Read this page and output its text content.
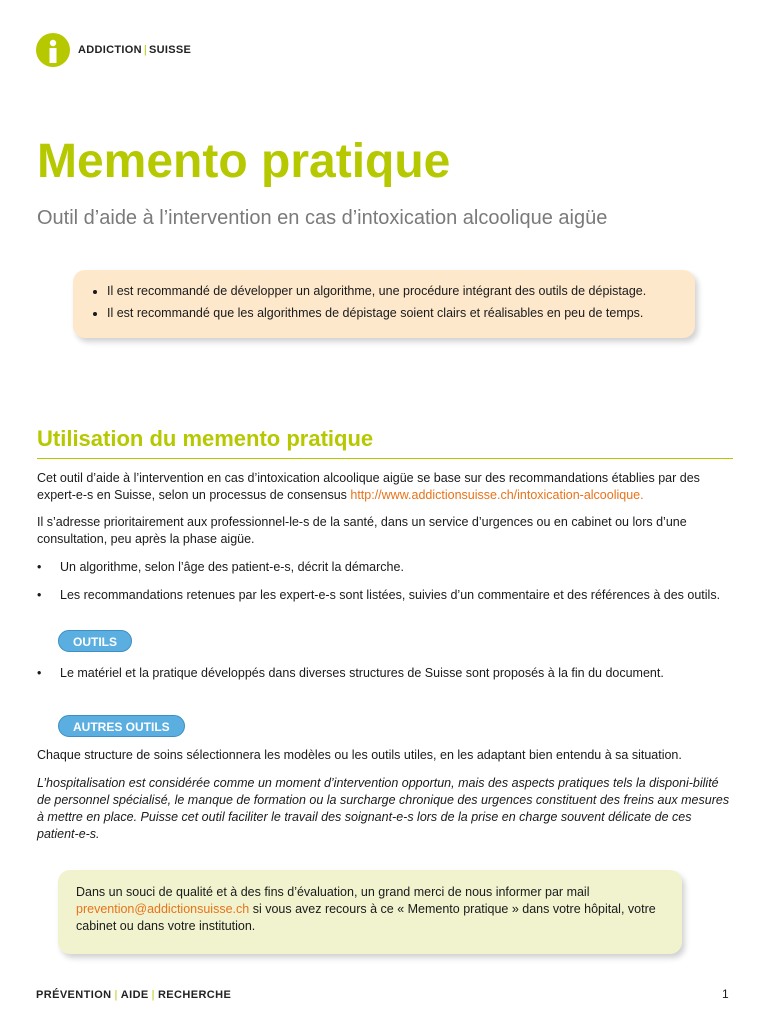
ADDICTION | SUISSE
Memento pratique

Outil d’aide à l’intervention en cas d’intoxication alcoolique aigüe

• Il est recommandé de développer un algorithme, une procédure intégrant des outils de dépistage.
• Il est recommandé que les algorithmes de dépistage soient clairs et réalisables en peu de temps.
Utilisation du memento pratique

Cet outil d’aide à l’intervention en cas d’intoxication alcoolique aigüe se base sur des recommandations établies par des expert-e-s en Suisse, selon un processus de consensus http://www.addictionsuisse.ch/intoxication-alcoolique.

Il s’adresse prioritairement aux professionnel-le-s de la santé, dans un service d’urgences ou en cabinet ou lors d’une consultation, peu après la phase aigüe.

•	Un algorithme, selon l’âge des patient-e-s, décrit la démarche.
•	Les recommandations retenues par les expert-e-s sont listées, suivies d’un commentaire et des références à des outils.
OUTILS
•	Le matériel et la pratique développés dans diverses structures de Suisse sont proposés à la fin du document.
AUTRES OUTILS

Chaque structure de soins sélectionnera les modèles ou les outils utiles, en les adaptant bien entendu à sa situation.

L’hospitalisation est considérée comme un moment d’intervention opportun, mais des aspects pratiques tels la disponi-bilité de personnel spécialisé, le manque de formation ou la surcharge chronique des urgences constituent des freins aux mesures à mettre en place. Puisse cet outil faciliter le travail des soignant-e-s lors de la prise en charge souvent délicate de ces patient-e-s.

Dans un souci de qualité et à des fins d’évaluation, un grand merci de nous informer par mail prevention@addictionsuisse.ch si vous avez recours à ce « Memento pratique » dans votre hôpital, votre cabinet ou dans votre institution.

PRÉVENTION | AIDE | RECHERCHE	1
